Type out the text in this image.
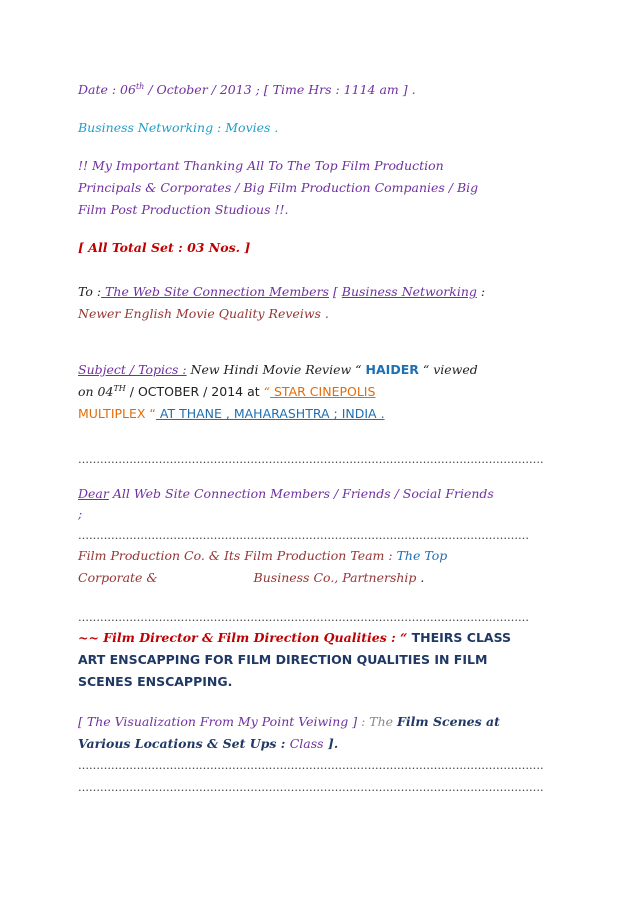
Date : 06th / October / 2013 ; [ Time Hrs : 1114 am ] .
Business Networking : Movies .
!! My Important Thanking All To The Top Film Production
Principals & Corporates / Big Film Production Companies / Big
Film Post Production Studious !!.
[ All Total Set : 03 Nos. ]
To : The Web Site Connection Members [ Business Networking :
Newer English Movie Quality Reveiws .
Subject / Topics : New Hindi Movie Review “ HAIDER “ viewed
on 04TH / OCTOBER / 2014 at “ STAR CINEPOLIS
MULTIPLEX “ AT THANE , MAHARASHTRA ; INDIA .
……………………………………………………………………………………………………………….
Dear All Web Site Connection Members / Friends / Social Friends
;
……………………………………………………………………………………………………………
Film Production Co. & Its Film Production Team : The Top
Corporate &	Business Co., Partnership .
……………………………………………………………………………………………………………
~~ Film Director & Film Direction Qualities : “ THEIRS CLASS
ART ENSCAPPING FOR FILM DIRECTION QUALITIES IN FILM
SCENES ENSCAPPING.
[ The Visualization From My Point Veiwing ] : The Film Scenes at
Various Locations & Set Ups : Class ].
……………………………………………………………………………………………………………….
……………………………………………………………………………………………………………….
